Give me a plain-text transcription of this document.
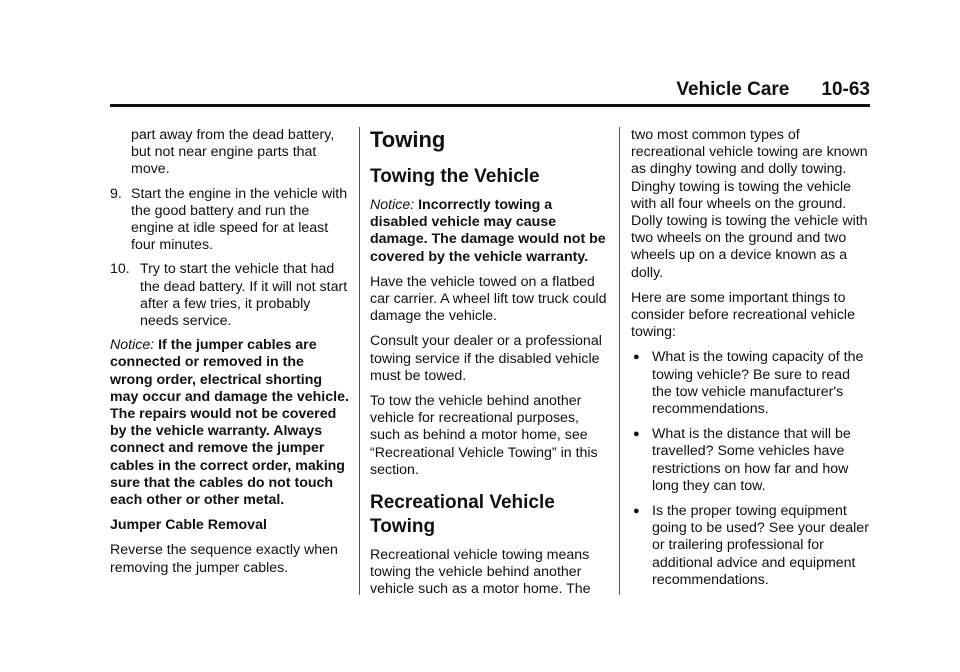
Vehicle Care 10-63

part away from the dead battery, but not near engine parts that move.

9. Start the engine in the vehicle with the good battery and run the engine at idle speed for at least four minutes.
10. Try to start the vehicle that had the dead battery. If it will not start after a few tries, it probably needs service.

Notice: If the jumper cables are connected or removed in the wrong order, electrical shorting may occur and damage the vehicle. The repairs would not be covered by the vehicle warranty. Always connect and remove the jumper cables in the correct order, making sure that the cables do not touch each other or other metal.

Jumper Cable Removal

Reverse the sequence exactly when removing the jumper cables.

Towing
Towing the Vehicle

Notice: Incorrectly towing a disabled vehicle may cause damage. The damage would not be covered by the vehicle warranty.

Have the vehicle towed on a flatbed car carrier. A wheel lift tow truck could damage the vehicle.

Consult your dealer or a professional towing service if the disabled vehicle must be towed.

To tow the vehicle behind another vehicle for recreational purposes, such as behind a motor home, see “Recreational Vehicle Towing” in this section.

Recreational Vehicle Towing

Recreational vehicle towing means towing the vehicle behind another vehicle such as a motor home. The

two most common types of recreational vehicle towing are known as dinghy towing and dolly towing. Dinghy towing is towing the vehicle with all four wheels on the ground. Dolly towing is towing the vehicle with two wheels on the ground and two wheels up on a device known as a dolly.

Here are some important things to consider before recreational vehicle towing:

● What is the towing capacity of the towing vehicle? Be sure to read the tow vehicle manufacturer's recommendations.
● What is the distance that will be travelled? Some vehicles have restrictions on how far and how long they can tow.
● Is the proper towing equipment going to be used? See your dealer or trailering professional for additional advice and equipment recommendations.
